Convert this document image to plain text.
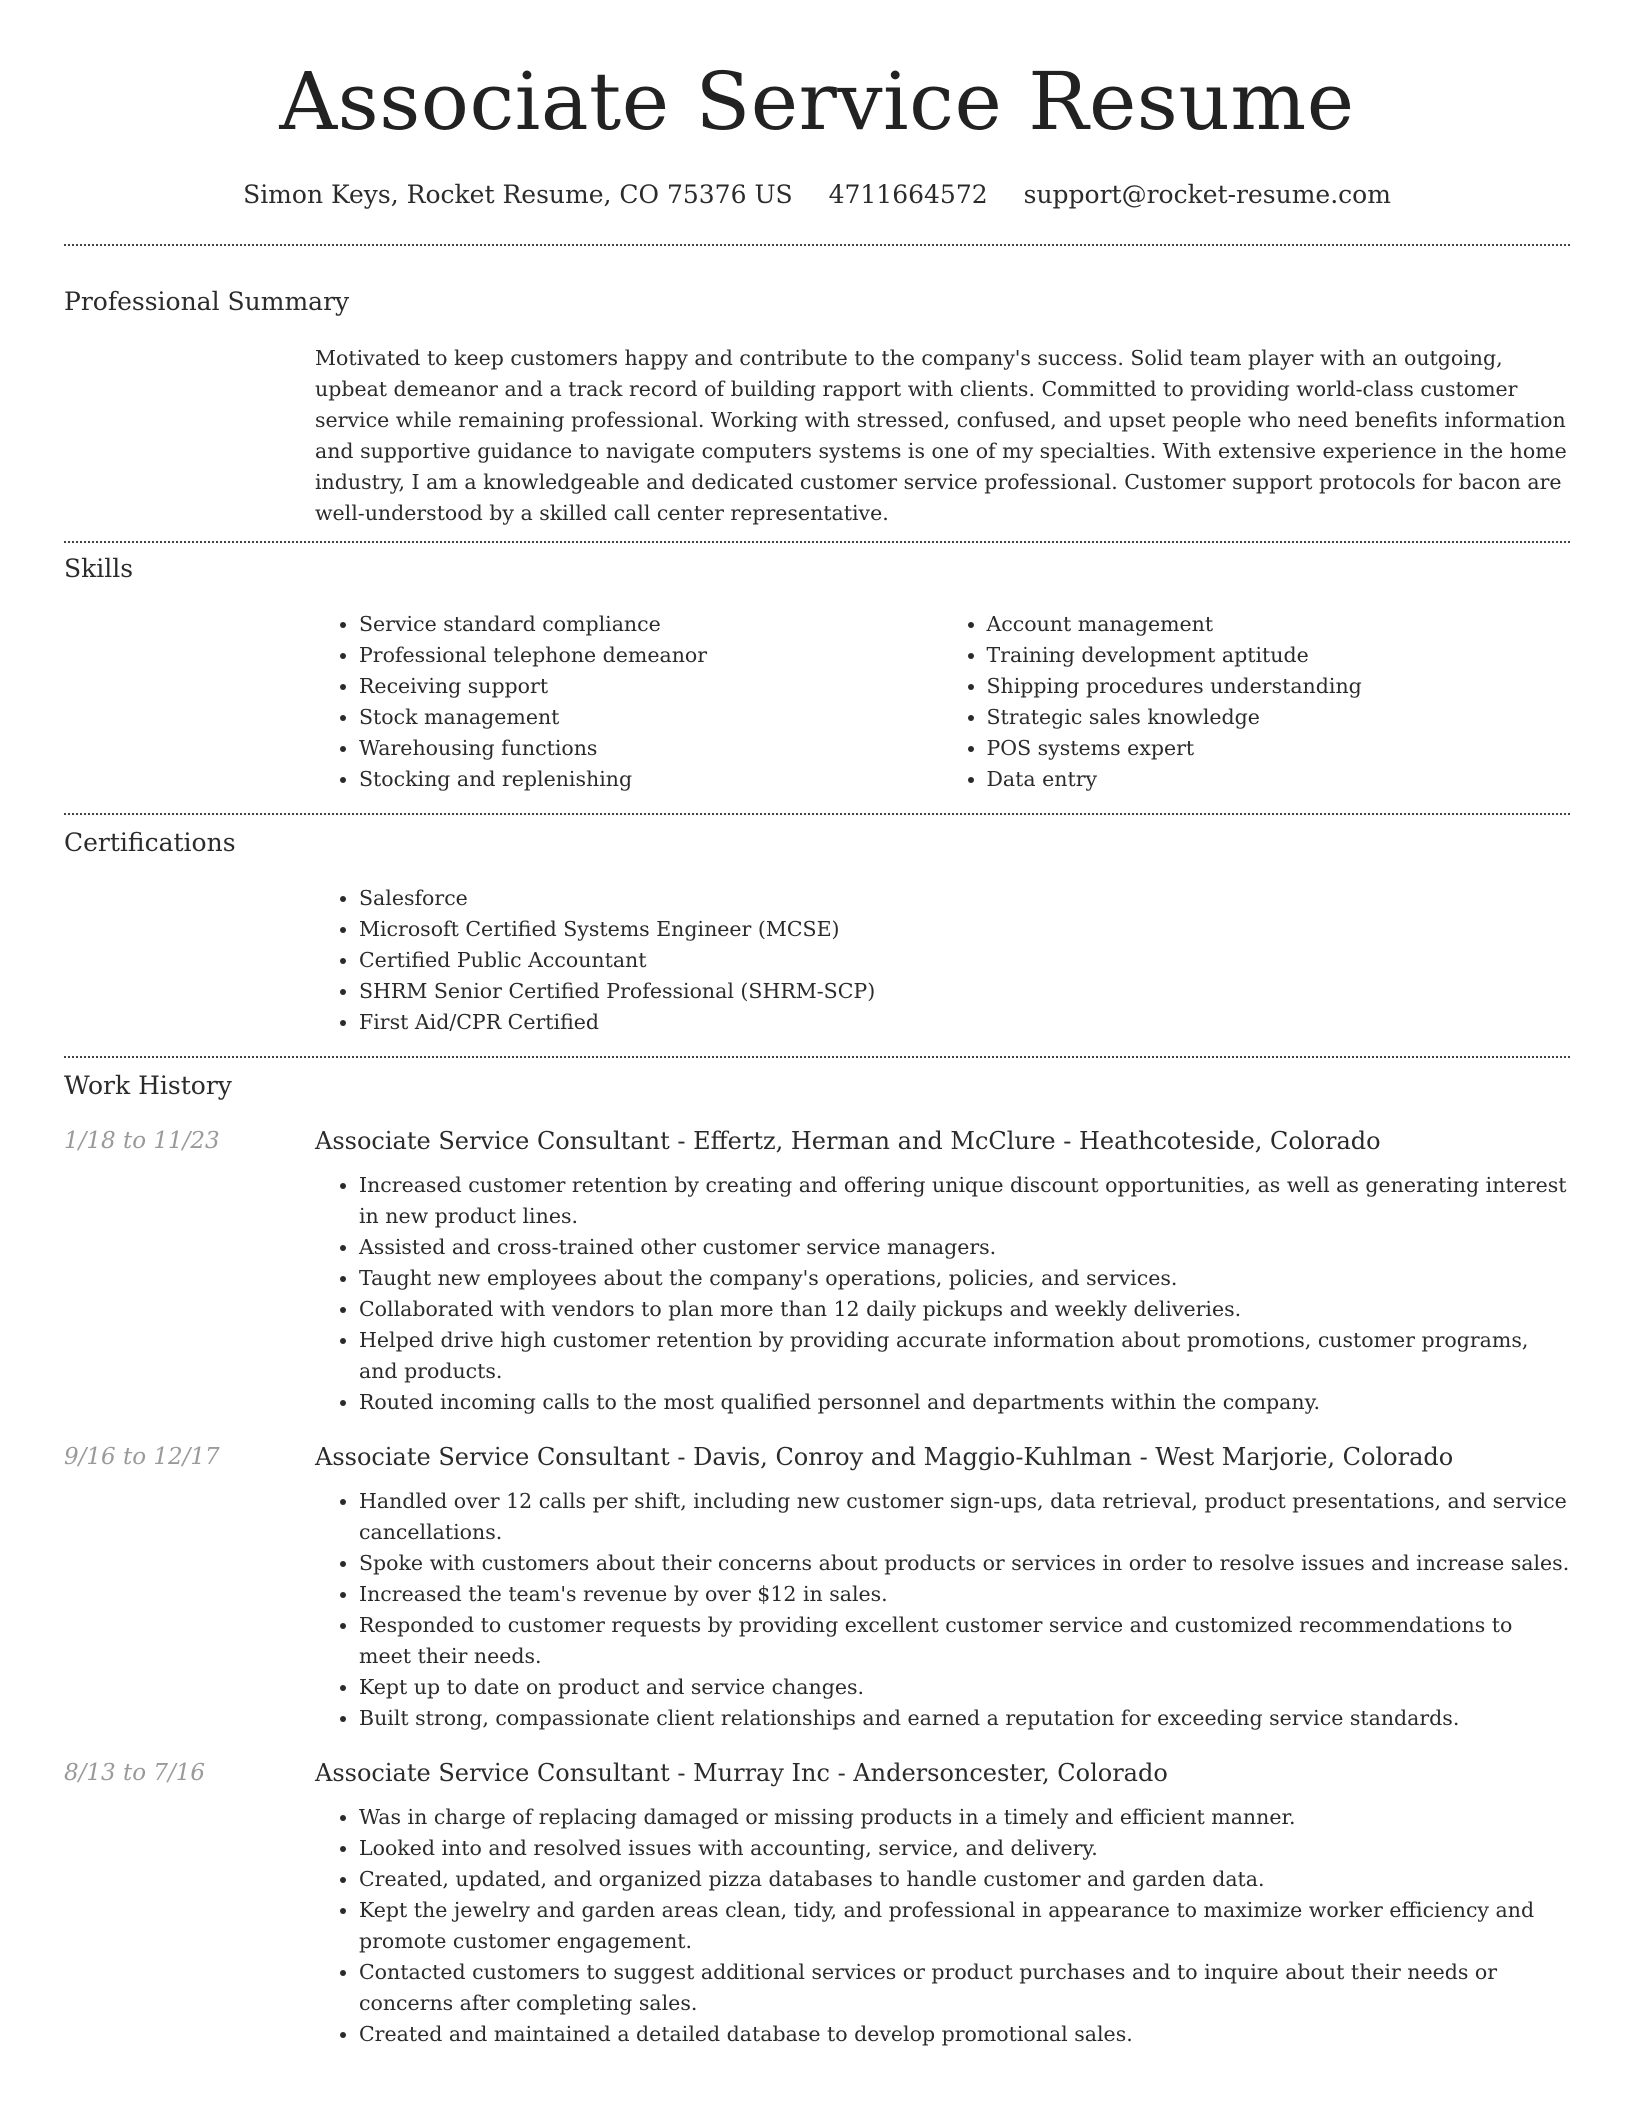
Associate Service Resume
Simon Keys, Rocket Resume, CO 75376 US 4711664572 support@rocket-resume.com
Professional Summary

Motivated to keep customers happy and contribute to the company's success. Solid team player with an outgoing, upbeat demeanor and a track record of building rapport with clients. Committed to providing world-class customer service while remaining professional. Working with stressed, confused, and upset people who need benefits information and supportive guidance to navigate computers systems is one of my specialties. With extensive experience in the home industry, I am a knowledgeable and dedicated customer service professional. Customer support protocols for bacon are well-understood by a skilled call center representative.

Skills
• Service standard compliance
• Professional telephone demeanor
• Receiving support
• Stock management
• Warehousing functions
• Stocking and replenishing
• Account management
• Training development aptitude
• Shipping procedures understanding
• Strategic sales knowledge
• POS systems expert
• Data entry
Certifications
• Salesforce
• Microsoft Certified Systems Engineer (MCSE)
• Certified Public Accountant
• SHRM Senior Certified Professional (SHRM-SCP)
• First Aid/CPR Certified
Work History
1/18 to 11/23	Associate Service Consultant - Effertz, Herman and McClure - Heathcoteside, Colorado
• Increased customer retention by creating and offering unique discount opportunities, as well as generating interest in new product lines.
• Assisted and cross-trained other customer service managers.
• Taught new employees about the company's operations, policies, and services.
• Collaborated with vendors to plan more than 12 daily pickups and weekly deliveries.
• Helped drive high customer retention by providing accurate information about promotions, customer programs, and products.
• Routed incoming calls to the most qualified personnel and departments within the company.
9/16 to 12/17	Associate Service Consultant - Davis, Conroy and Maggio-Kuhlman - West Marjorie, Colorado
• Handled over 12 calls per shift, including new customer sign-ups, data retrieval, product presentations, and service cancellations.
• Spoke with customers about their concerns about products or services in order to resolve issues and increase sales.
• Increased the team's revenue by over $12 in sales.
• Responded to customer requests by providing excellent customer service and customized recommendations to meet their needs.
• Kept up to date on product and service changes.
• Built strong, compassionate client relationships and earned a reputation for exceeding service standards.
8/13 to 7/16	Associate Service Consultant - Murray Inc - Andersoncester, Colorado
• Was in charge of replacing damaged or missing products in a timely and efficient manner.
• Looked into and resolved issues with accounting, service, and delivery.
• Created, updated, and organized pizza databases to handle customer and garden data.
• Kept the jewelry and garden areas clean, tidy, and professional in appearance to maximize worker efficiency and promote customer engagement.
• Contacted customers to suggest additional services or product purchases and to inquire about their needs or concerns after completing sales.
• Created and maintained a detailed database to develop promotional sales.
